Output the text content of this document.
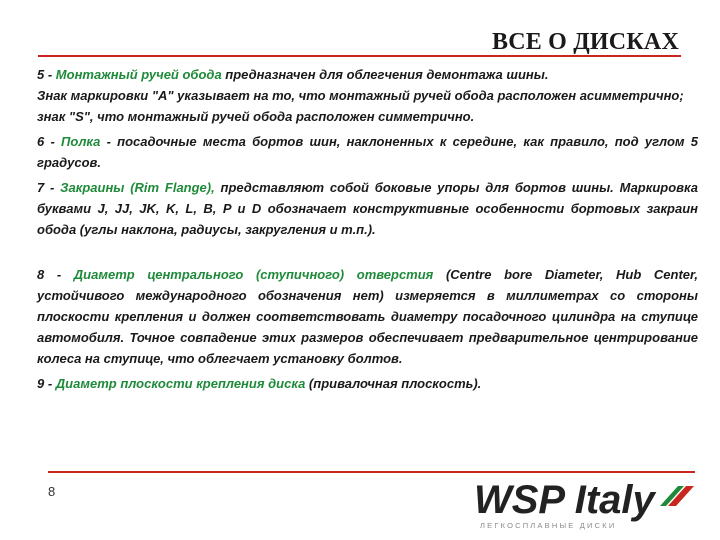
ВСЕ О ДИСКАХ

5 - Монтажный ручей обода предназначен для облегчения демонтажа шины.

Знак маркировки "A" указывает на то, что монтажный ручей обода расположен асимметрично;

знак "S", что монтажный ручей обода расположен симметрично.

6 - Полка - посадочные места бортов шин, наклоненных к середине, как правило, под углом 5 градусов.

7 - Закраины (Rim Flange), представляют собой боковые упоры для бортов шины. Маркировка буквами J, JJ, JK, K, L, B, P и D обозначает конструктивные особенности бортовых закраин обода (углы наклона, радиусы, закругления и т.п.).

8 - Диаметр центрального (ступичного) отверстия (Centre bore Diameter, Hub Center, устойчивого международного обозначения нет) измеряется в миллиметрах со стороны плоскости крепления и должен соответствовать диаметру посадочного цилиндра на ступице автомобиля. Точное совпадение этих размеров обеспечивает предварительное центрирование колеса на ступице, что облегчает установку болтов.

9 - Диаметр плоскости крепления диска (привалочная плоскость).

8	WSP Italy
ЛЕГКОСПЛАВНЫЕ ДИСКИ
